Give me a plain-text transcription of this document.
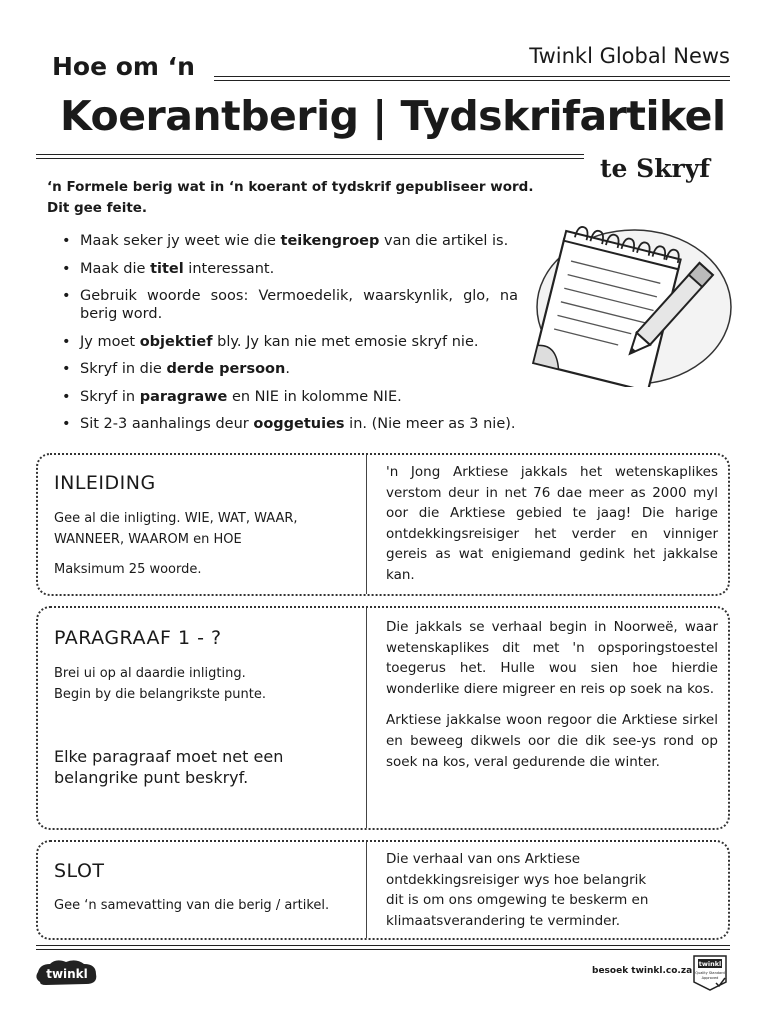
Hoe om ‘n	Twinkl Global News
Koerantberig | Tydskrifartikel
te Skryf
‘n Formele berig wat in ‘n koerant of tydskrif gepubliseer word.
Dit gee feite.
• Maak seker jy weet wie die teikengroep van die artikel is.
• Maak die titel interessant.
• Gebruik woorde soos: Vermoedelik, waarskynlik, glo, na berig word.
• Jy moet objektief bly. Jy kan nie met emosie skryf nie.
• Skryf in die derde persoon.
• Skryf in paragrawe en NIE in kolomme NIE.
• Sit 2-3 aanhalings deur ooggetuies in. (Nie meer as 3 nie).
INLEIDING
Gee al die inligting. WIE, WAT, WAAR,
WANNEER, WAAROM en HOE
Maksimum 25 woorde.
'n Jong Arktiese jakkals het wetenskaplikes verstom deur in net 76 dae meer as 2000 myl oor die Arktiese gebied te jaag! Die harige ontdekkingsreisiger het verder en vinniger gereis as wat enigiemand gedink het jakkalse kan.
PARAGRAAF 1 - ?
Brei ui op al daardie inligting.
Begin by die belangrikste punte.
Elke paragraaf moet net een
belangrike punt beskryf.
Die jakkals se verhaal begin in Noorweë, waar wetenskaplikes dit met 'n opsporingstoestel toegerus het. Hulle wou sien hoe hierdie wonderlike diere migreer en reis op soek na kos.
Arktiese jakkalse woon regoor die Arktiese sirkel en beweeg dikwels oor die dik see-ys rond op soek na kos, veral gedurende die winter.
SLOT
Gee ‘n samevatting van die berig / artikel.
Die verhaal van ons Arktiese
ontdekkingsreisiger wys hoe belangrik
dit is om ons omgewing te beskerm en
klimaatsverandering te verminder.
twinkl	besoek twinkl.co.za
twinkl
Quality Standard
Approved
